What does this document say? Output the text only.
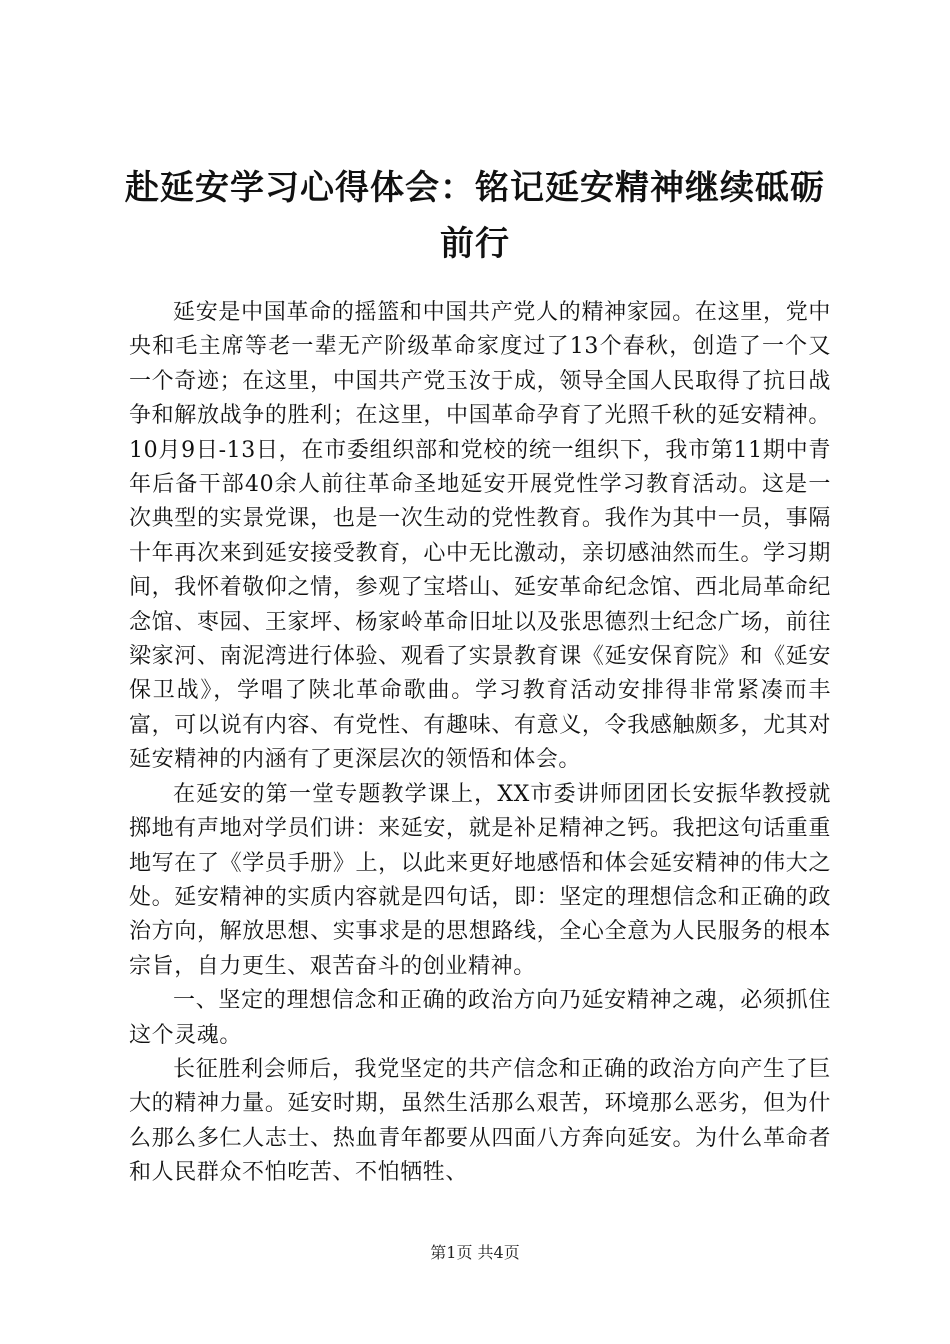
赴延安学习心得体会：铭记延安精神继续砥砺前行

延安是中国革命的摇篮和中国共产党人的精神家园。在这里，党中央和毛主席等老一辈无产阶级革命家度过了13个春秋，创造了一个又一个奇迹；在这里，中国共产党玉汝于成，领导全国人民取得了抗日战争和解放战争的胜利；在这里，中国革命孕育了光照千秋的延安精神。10月9日-13日，在市委组织部和党校的统一组织下，我市第11期中青年后备干部40余人前往革命圣地延安开展党性学习教育活动。这是一次典型的实景党课，也是一次生动的党性教育。我作为其中一员，事隔十年再次来到延安接受教育，心中无比激动，亲切感油然而生。学习期间，我怀着敬仰之情，参观了宝塔山、延安革命纪念馆、西北局革命纪念馆、枣园、王家坪、杨家岭革命旧址以及张思德烈士纪念广场，前往梁家河、南泥湾进行体验、观看了实景教育课《延安保育院》和《延安保卫战》，学唱了陕北革命歌曲。学习教育活动安排得非常紧凑而丰富，可以说有内容、有党性、有趣味、有意义，令我感触颇多，尤其对延安精神的内涵有了更深层次的领悟和体会。

在延安的第一堂专题教学课上，XX市委讲师团团长安振华教授就掷地有声地对学员们讲：来延安，就是补足精神之钙。我把这句话重重地写在了《学员手册》上，以此来更好地感悟和体会延安精神的伟大之处。延安精神的实质内容就是四句话，即：坚定的理想信念和正确的政治方向，解放思想、实事求是的思想路线，全心全意为人民服务的根本宗旨，自力更生、艰苦奋斗的创业精神。

一、坚定的理想信念和正确的政治方向乃延安精神之魂，必须抓住这个灵魂。

长征胜利会师后，我党坚定的共产信念和正确的政治方向产生了巨大的精神力量。延安时期，虽然生活那么艰苦，环境那么恶劣，但为什么那么多仁人志士、热血青年都要从四面八方奔向延安。为什么革命者和人民群众不怕吃苦、不怕牺牲、

第1页 共4页
